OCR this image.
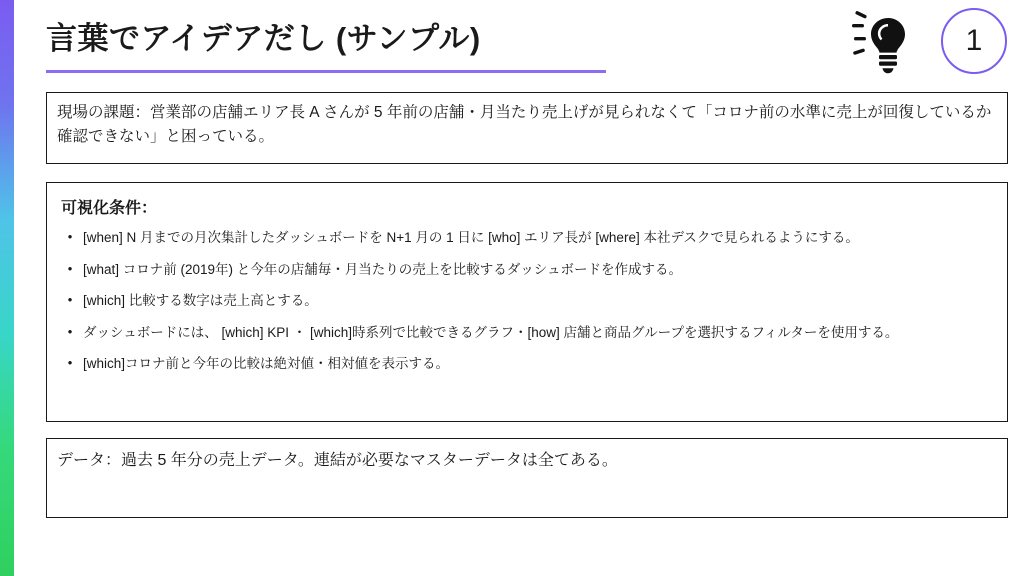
言葉でアイデアだし (サンプル)	1
現場の課題：営業部の店舗エリア長 A さんが 5 年前の店舗・月当たり売上げが見られなくて「コロナ前の水準に売上が回復しているか確認できない」と困っている。
可視化条件：
• [when] N 月までの月次集計したダッシュボードを N+1 月の 1 日に [who] エリア長が [where] 本社デスクで見られるようにする。
• [what] コロナ前 (2019年) と今年の店舗毎・月当たりの売上を比較するダッシュボードを作成する。
• [which] 比較する数字は売上高とする。
• ダッシュボードには、 [which] KPI ・ [which]時系列で比較できるグラフ・[how] 店舗と商品グループを選択するフィルターを使用する。
• [which]コロナ前と今年の比較は絶対値・相対値を表示する。
データ：過去 5 年分の売上データ。連結が必要なマスターデータは全てある。
